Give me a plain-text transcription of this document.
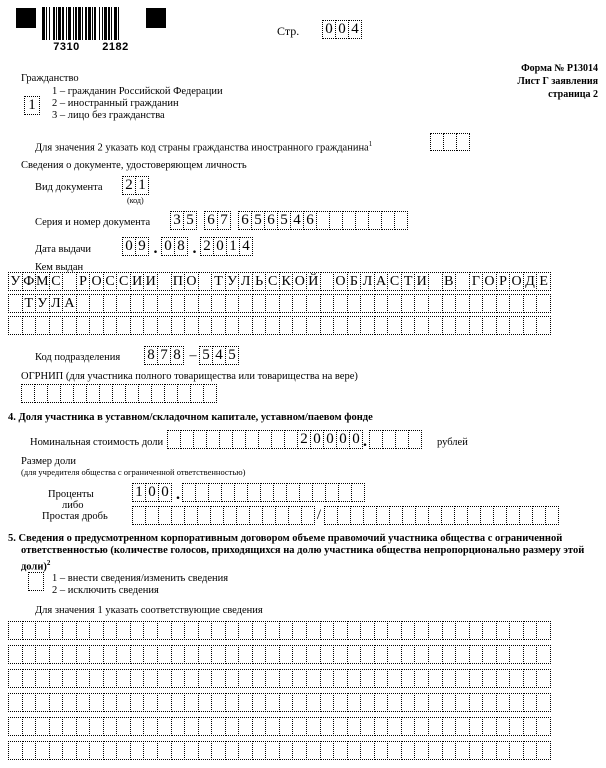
7310 2182
Стр. 0 0 4
Форма № Р13014
Лист Г заявления
страница 2
Гражданство
1
1 – гражданин Российской Федерации
2 – иностранный гражданин
3 – лицо без гражданства
Для значения 2 указать код страны гражданства иностранного гражданина$^1$
Сведения о документе, удостоверяющем личность
Вид документа 2 1
(код)
Серия и номер документа 3 5 6 7 6 5 6 5 4 6
Дата выдачи 0 9 . 0 8 . 2 0 1 4
Кем выдан
У Ф М С Р О С С И И П О Т У Л Ь С К О Й О Б Л А С Т И В Г О Р О Д Е
Т У Л А
Код подразделения 8 7 8 – 5 4 5
ОГРНИП (для участника полного товарищества или товарищества на вере)
4. Доля участника в уставном/складочном капитале, уставном/паевом фонде
Номинальная стоимость доли	2 0 0 0 0 .	рублей
Размер доли
(для учредителя общества с ограниченной ответственностью)
Проценты
либо
Простая дробь
1 0 0 .
/
5. Сведения о предусмотренном корпоративным договором объеме правомочий участника общества с ограниченной
ответственностью (количестве голосов, приходящихся на долю участника общества непропорционально размеру этой
доли)$^2$
1 – внести сведения/изменить сведения
2 – исключить сведения
Для значения 1 указать соответствующие сведения
